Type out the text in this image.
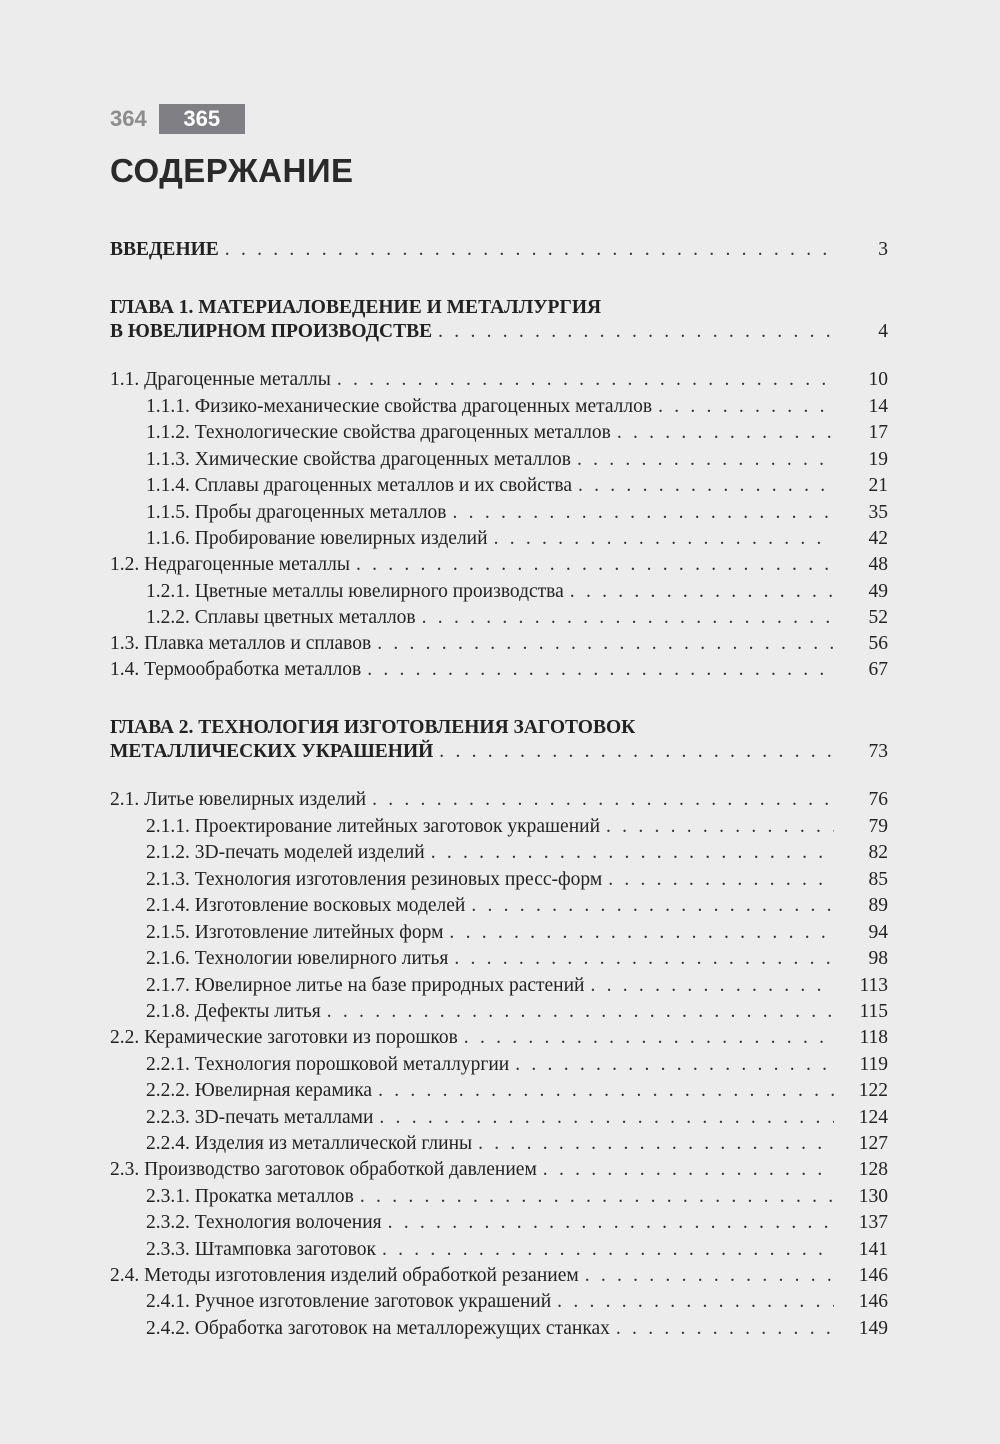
364	365
СОДЕРЖАНИЕ
ВВЕДЕНИЕ . . .	3
ГЛАВА 1. МАТЕРИАЛОВЕДЕНИЕ И МЕТАЛЛУРГИЯ
В ЮВЕЛИРНОМ ПРОИЗВОДСТВЕ . . .	4
1.1. Драгоценные металлы . . .	10
1.1.1. Физико-механические свойства драгоценных металлов . . .	14
1.1.2. Технологические свойства драгоценных металлов . . .	17
1.1.3. Химические свойства драгоценных металлов . . .	19
1.1.4. Сплавы драгоценных металлов и их свойства . . .	21
1.1.5. Пробы драгоценных металлов . . .	35
1.1.6. Пробирование ювелирных изделий . . .	42
1.2. Недрагоценные металлы . . .	48
1.2.1. Цветные металлы ювелирного производства . . .	49
1.2.2. Сплавы цветных металлов . . .	52
1.3. Плавка металлов и сплавов . . .	56
1.4. Термообработка металлов . . .	67
ГЛАВА 2. ТЕХНОЛОГИЯ ИЗГОТОВЛЕНИЯ ЗАГОТОВОК
МЕТАЛЛИЧЕСКИХ УКРАШЕНИЙ . . .	73
2.1. Литье ювелирных изделий . . .	76
2.1.1. Проектирование литейных заготовок украшений . . .	79
2.1.2. 3D-печать моделей изделий . . .	82
2.1.3. Технология изготовления резиновых пресс-форм . . .	85
2.1.4. Изготовление восковых моделей . . .	89
2.1.5. Изготовление литейных форм . . .	94
2.1.6. Технологии ювелирного литья . . .	98
2.1.7. Ювелирное литье на базе природных растений . . .	113
2.1.8. Дефекты литья . . .	115
2.2. Керамические заготовки из порошков . . .	118
2.2.1. Технология порошковой металлургии . . .	119
2.2.2. Ювелирная керамика . . .	122
2.2.3. 3D-печать металлами . . .	124
2.2.4. Изделия из металлической глины . . .	127
2.3. Производство заготовок обработкой давлением . . .	128
2.3.1. Прокатка металлов . . .	130
2.3.2. Технология волочения . . .	137
2.3.3. Штамповка заготовок . . .	141
2.4. Методы изготовления изделий обработкой резанием . . .	146
2.4.1. Ручное изготовление заготовок украшений . . .	146
2.4.2. Обработка заготовок на металлорежущих станках . . .	149
